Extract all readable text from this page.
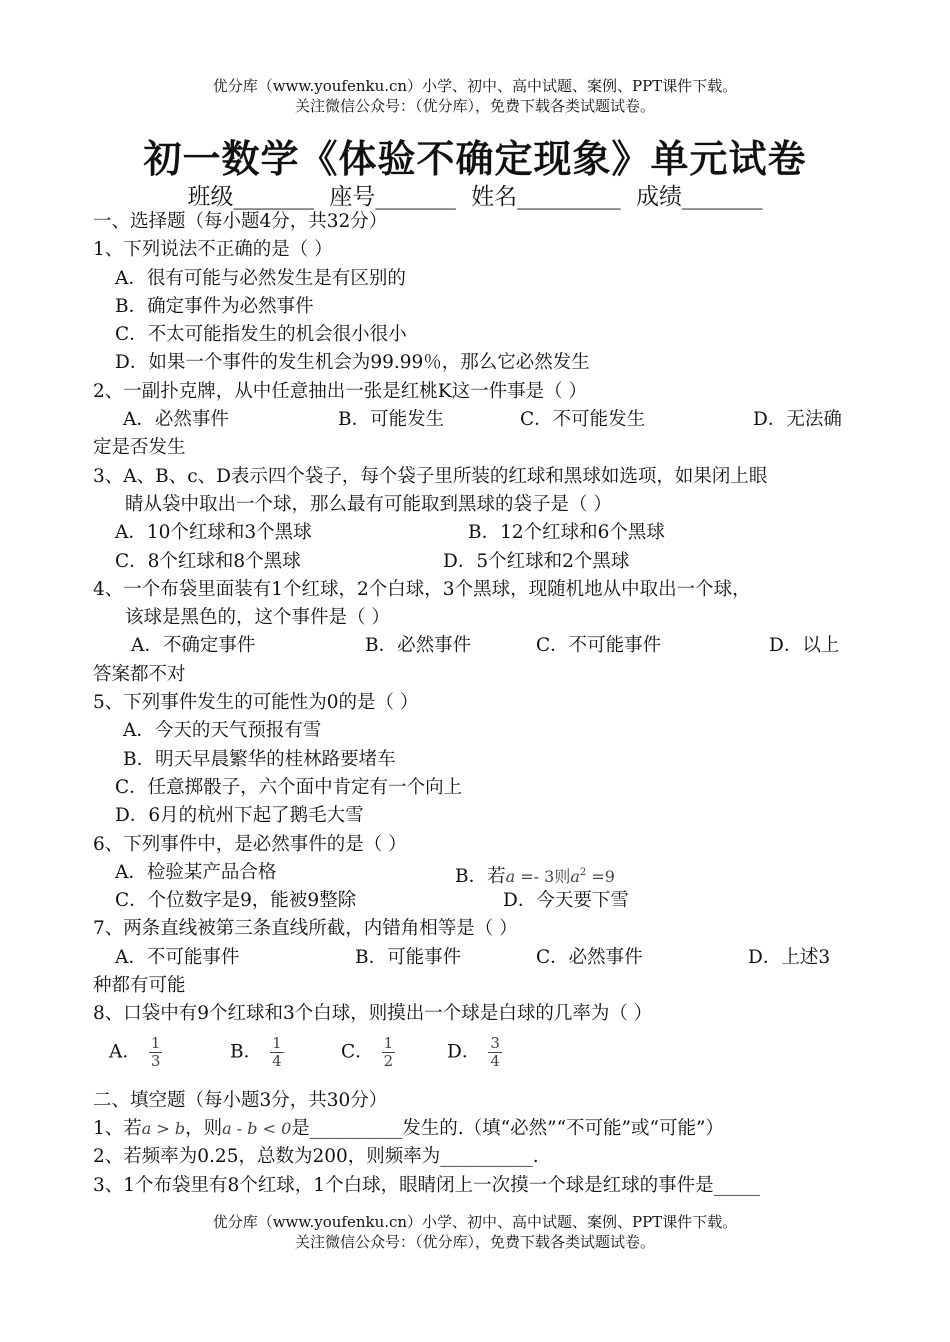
优分库（www.youfenku.cn）小学、初中、高中试题、案例、PPT课件下载。
关注微信公众号：（优分库），免费下载各类试题试卷。
初一数学《体验不确定现象》单元试卷
班级_______ 座号_______ 姓名_________ 成绩_______
一、选择题（每小题4分，共32分）
1、下列说法不正确的是（ ）
A．很有可能与必然发生是有区别的
B．确定事件为必然事件
C．不太可能指发生的机会很小很小
D．如果一个事件的发生机会为99.99％，那么它必然发生
2、一副扑克牌，从中任意抽出一张是红桃K这一件事是（ ）
A．必然事件	B．可能发生	C．不可能发生	D．无法确
定是否发生
3、A、B、c、D表示四个袋子，每个袋子里所装的红球和黑球如选项，如果闭上眼
睛从袋中取出一个球，那么最有可能取到黑球的袋子是（ ）
A．10个红球和3个黑球	B．12个红球和6个黑球
C．8个红球和8个黑球	D．5个红球和2个黑球
4、一个布袋里面装有1个红球，2个白球，3个黑球，现随机地从中取出一个球，
该球是黑色的，这个事件是（ ）
A．不确定事件	B．必然事件	C．不可能事件	D．以上
答案都不对
5、下列事件发生的可能性为0的是（ ）
A．今天的天气预报有雪
B．明天早晨繁华的桂林路要堵车
C．任意掷骰子，六个面中肯定有一个向上
D．6月的杭州下起了鹅毛大雪
6、下列事件中，是必然事件的是（ ）
A．检验某产品合格	B．若a =- 3则$a^2 =9$
C．个位数字是9，能被9整除	D．今天要下雪
7、两条直线被第三条直线所截，内错角相等是（ ）
A．不可能事件	B．可能事件	C．必然事件	D．上述3
种都有可能
8、口袋中有9个红球和3个白球，则摸出一个球是白球的几率为（ ）
A． $\frac{1}{3}$	B． $\frac{1}{4}$	C． $\frac{1}{2}$	D． $\frac{3}{4}$
二、填空题（每小题3分，共30分）
1、若a > b，则a - b < 0是__________发生的.（填“必然”“不可能”或“可能”）
2、若频率为0.25，总数为200，则频率为__________.
3、1个布袋里有8个红球，1个白球，眼睛闭上一次摸一个球是红球的事件是_____
优分库（www.youfenku.cn）小学、初中、高中试题、案例、PPT课件下载。
关注微信公众号：（优分库），免费下载各类试题试卷。
